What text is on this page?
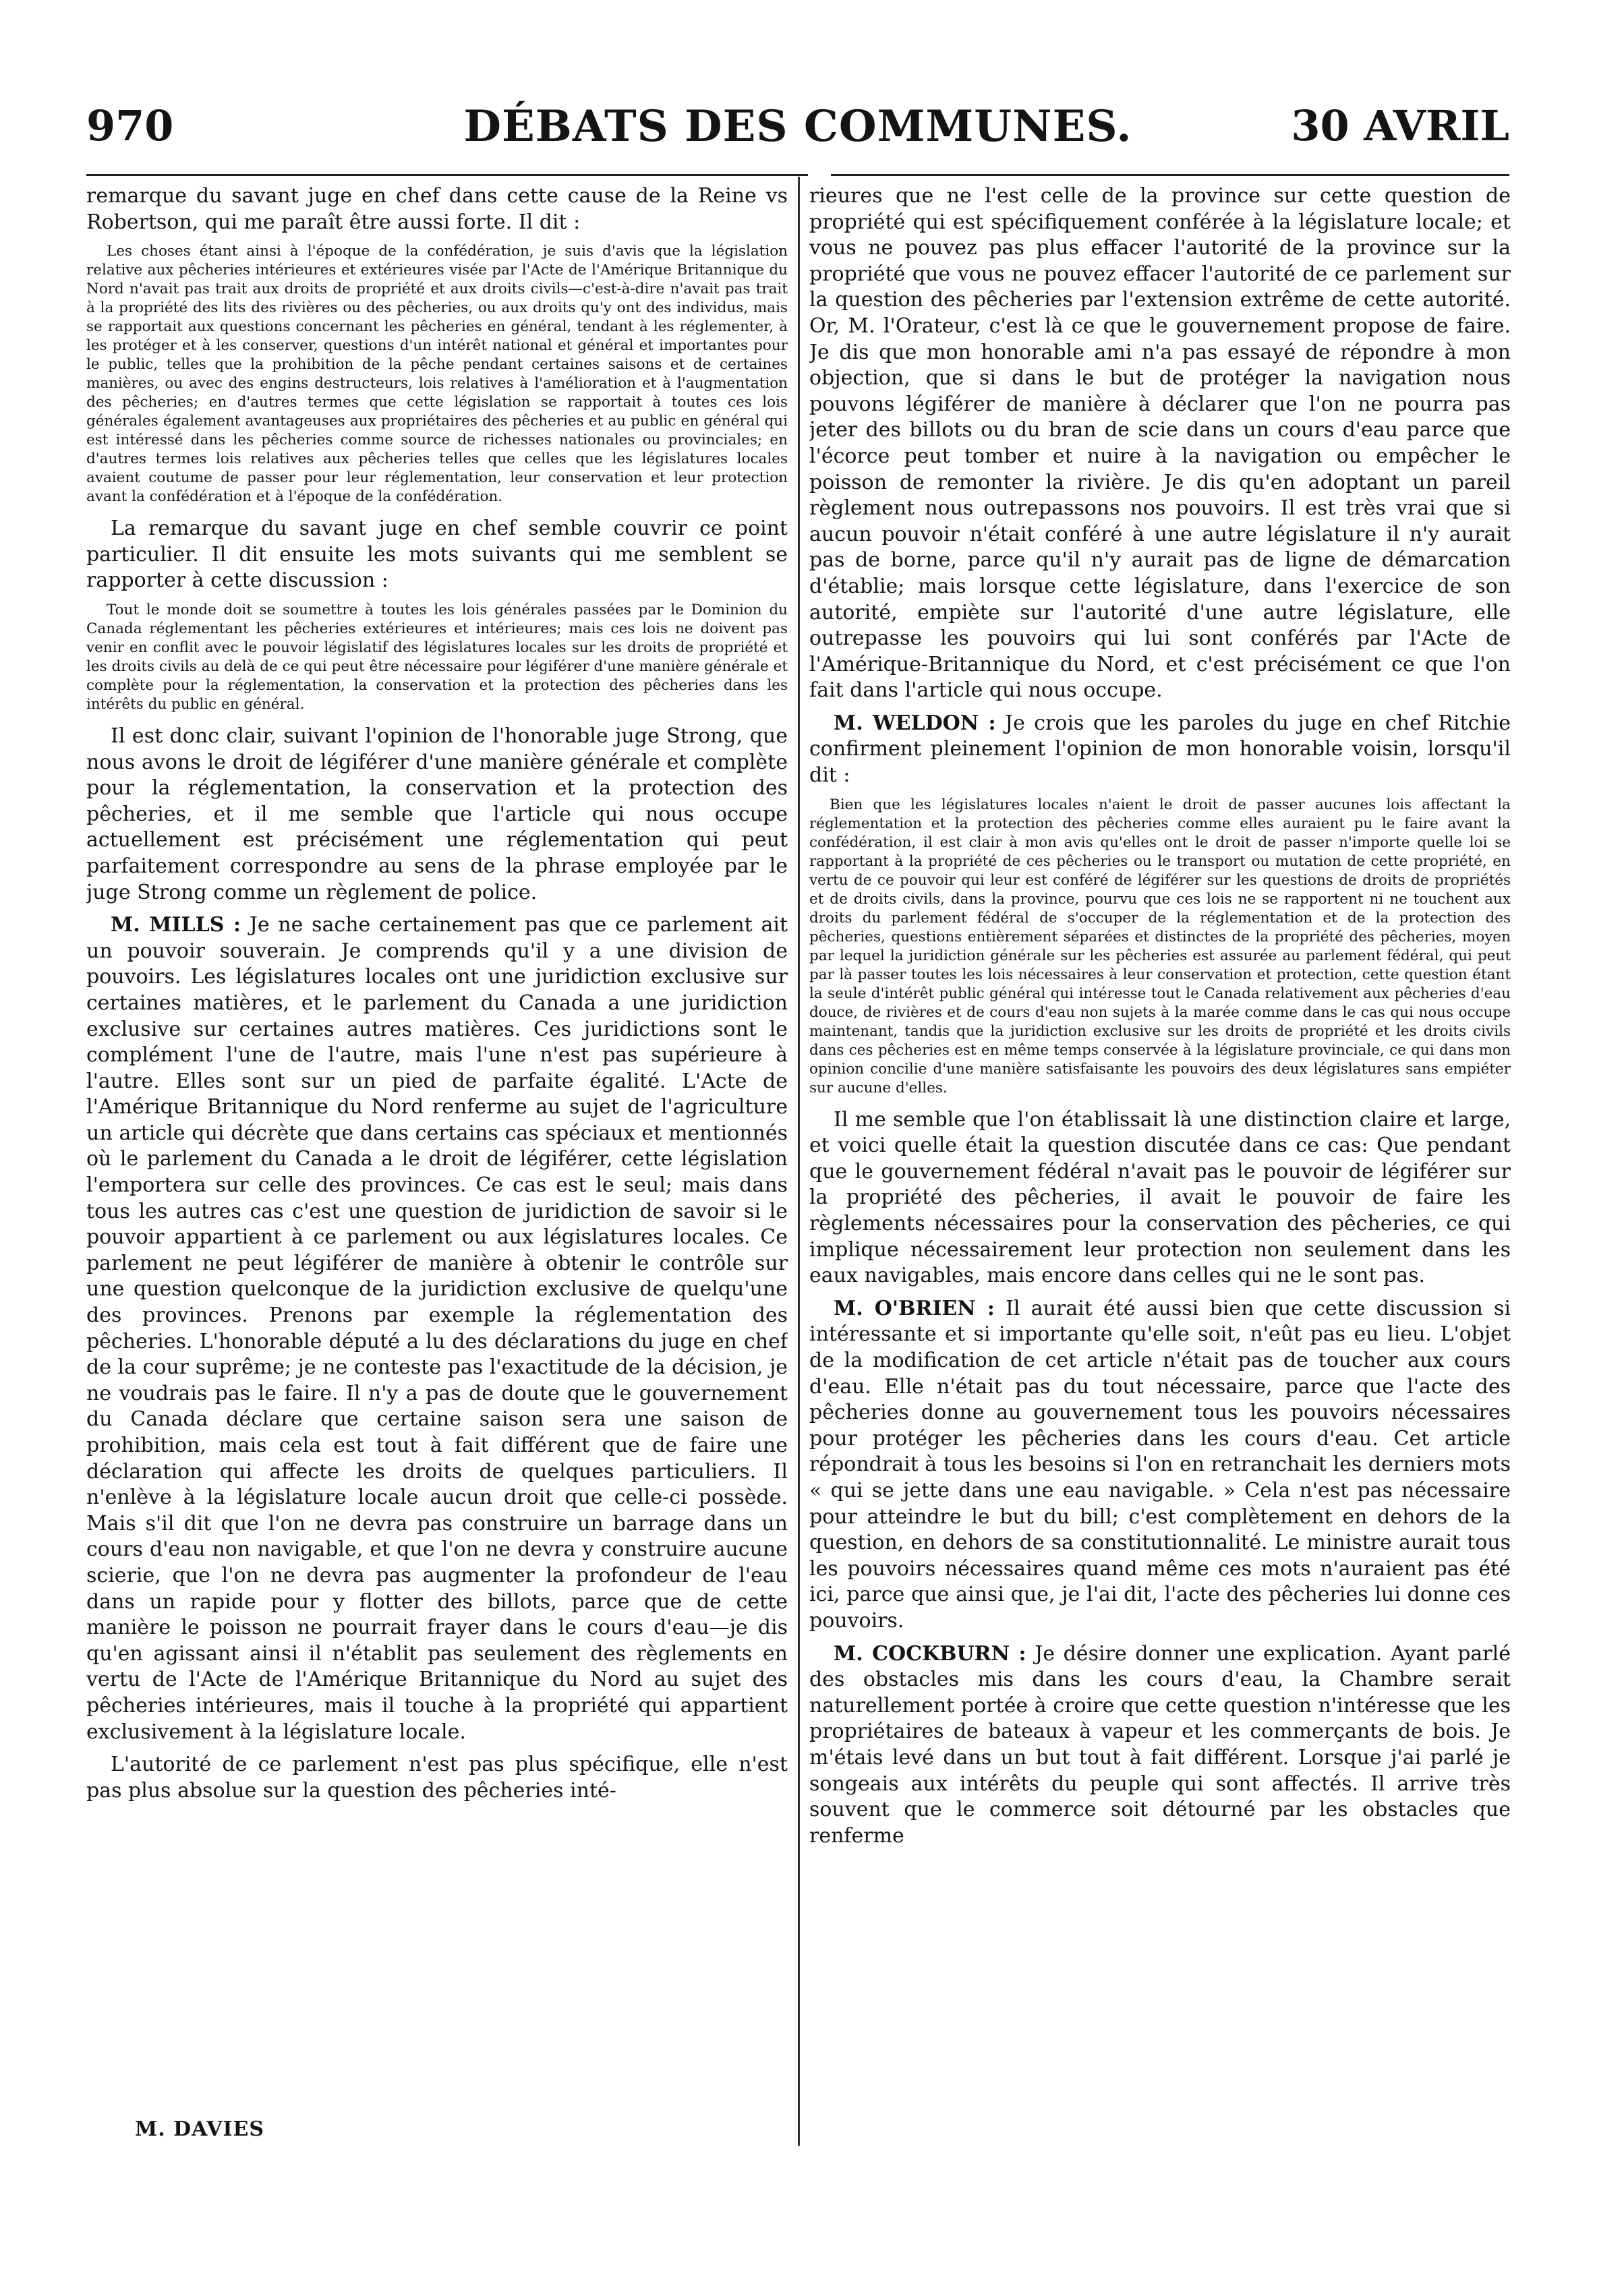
970	DÉBATS DES COMMUNES.	30 AVRIL

remarque du savant juge en chef dans cette cause de la Reine vs Robertson, qui me paraît être aussi forte. Il dit :

Les choses étant ainsi à l'époque de la confédération, je suis d'avis que la législation relative aux pêcheries intérieures et extérieures visée par l'Acte de l'Amérique Britannique du Nord n'avait pas trait aux droits de propriété et aux droits civils—c'est-à-dire n'avait pas trait à la propriété des lits des rivières ou des pêcheries, ou aux droits qu'y ont des individus, mais se rapportait aux questions concernant les pêcheries en général, tendant à les réglementer, à les protéger et à les conserver, questions d'un intérêt national et général et importantes pour le public, telles que la prohibition de la pêche pendant certaines saisons et de certaines manières, ou avec des engins destructeurs, lois relatives à l'amélioration et à l'augmentation des pêcheries; en d'autres termes que cette législation se rapportait à toutes ces lois générales également avantageuses aux propriétaires des pêcheries et au public en général qui est intéressé dans les pêcheries comme source de richesses nationales ou provinciales; en d'autres termes lois relatives aux pêcheries telles que celles que les législatures locales avaient coutume de passer pour leur réglementation, leur conservation et leur protection avant la confédération et à l'époque de la confédération.

La remarque du savant juge en chef semble couvrir ce point particulier. Il dit ensuite les mots suivants qui me semblent se rapporter à cette discussion :

Tout le monde doit se soumettre à toutes les lois générales passées par le Dominion du Canada réglementant les pêcheries extérieures et intérieures; mais ces lois ne doivent pas venir en conflit avec le pouvoir législatif des législatures locales sur les droits de propriété et les droits civils au delà de ce qui peut être nécessaire pour légiférer d'une manière générale et complète pour la réglementation, la conservation et la protection des pêcheries dans les intérêts du public en général.

Il est donc clair, suivant l'opinion de l'honorable juge Strong, que nous avons le droit de légiférer d'une manière générale et complète pour la réglementation, la conservation et la protection des pêcheries, et il me semble que l'article qui nous occupe actuellement est précisément une réglementation qui peut parfaitement correspondre au sens de la phrase employée par le juge Strong comme un règlement de police.

M. MILLS : Je ne sache certainement pas que ce parlement ait un pouvoir souverain. Je comprends qu'il y a une division de pouvoirs. Les législatures locales ont une juridiction exclusive sur certaines matières, et le parlement du Canada a une juridiction exclusive sur certaines autres matières. Ces juridictions sont le complément l'une de l'autre, mais l'une n'est pas supérieure à l'autre. Elles sont sur un pied de parfaite égalité. L'Acte de l'Amérique Britannique du Nord renferme au sujet de l'agriculture un article qui décrète que dans certains cas spéciaux et mentionnés où le parlement du Canada a le droit de légiférer, cette législation l'emportera sur celle des provinces. Ce cas est le seul; mais dans tous les autres cas c'est une question de juridiction de savoir si le pouvoir appartient à ce parlement ou aux législatures locales. Ce parlement ne peut légiférer de manière à obtenir le contrôle sur une question quelconque de la juridiction exclusive de quelqu'une des provinces. Prenons par exemple la réglementation des pêcheries. L'honorable député a lu des déclarations du juge en chef de la cour suprême; je ne conteste pas l'exactitude de la décision, je ne voudrais pas le faire. Il n'y a pas de doute que le gouvernement du Canada déclare que certaine saison sera une saison de prohibition, mais cela est tout à fait différent que de faire une déclaration qui affecte les droits de quelques particuliers. Il n'enlève à la législature locale aucun droit que celle-ci possède. Mais s'il dit que l'on ne devra pas construire un barrage dans un cours d'eau non navigable, et que l'on ne devra y construire aucune scierie, que l'on ne devra pas augmenter la profondeur de l'eau dans un rapide pour y flotter des billots, parce que de cette manière le poisson ne pourrait frayer dans le cours d'eau—je dis qu'en agissant ainsi il n'établit pas seulement des règlements en vertu de l'Acte de l'Amérique Britannique du Nord au sujet des pêcheries intérieures, mais il touche à la propriété qui appartient exclusivement à la législature locale.

L'autorité de ce parlement n'est pas plus spécifique, elle n'est pas plus absolue sur la question des pêcheries inté-

M. DAVIES

rieures que ne l'est celle de la province sur cette question de propriété qui est spécifiquement conférée à la législature locale; et vous ne pouvez pas plus effacer l'autorité de la province sur la propriété que vous ne pouvez effacer l'autorité de ce parlement sur la question des pêcheries par l'extension extrême de cette autorité. Or, M. l'Orateur, c'est là ce que le gouvernement propose de faire. Je dis que mon honorable ami n'a pas essayé de répondre à mon objection, que si dans le but de protéger la navigation nous pouvons légiférer de manière à déclarer que l'on ne pourra pas jeter des billots ou du bran de scie dans un cours d'eau parce que l'écorce peut tomber et nuire à la navigation ou empêcher le poisson de remonter la rivière. Je dis qu'en adoptant un pareil règlement nous outrepassons nos pouvoirs. Il est très vrai que si aucun pouvoir n'était conféré à une autre législature il n'y aurait pas de borne, parce qu'il n'y aurait pas de ligne de démarcation d'établie; mais lorsque cette législature, dans l'exercice de son autorité, empiète sur l'autorité d'une autre législature, elle outrepasse les pouvoirs qui lui sont conférés par l'Acte de l'Amérique-Britannique du Nord, et c'est précisément ce que l'on fait dans l'article qui nous occupe.

M. WELDON : Je crois que les paroles du juge en chef Ritchie confirment pleinement l'opinion de mon honorable voisin, lorsqu'il dit :

Bien que les législatures locales n'aient le droit de passer aucunes lois affectant la réglementation et la protection des pêcheries comme elles auraient pu le faire avant la confédération, il est clair à mon avis qu'elles ont le droit de passer n'importe quelle loi se rapportant à la propriété de ces pêcheries ou le transport ou mutation de cette propriété, en vertu de ce pouvoir qui leur est conféré de légiférer sur les questions de droits de propriétés et de droits civils, dans la province, pourvu que ces lois ne se rapportent ni ne touchent aux droits du parlement fédéral de s'occuper de la réglementation et de la protection des pêcheries, questions entièrement séparées et distinctes de la propriété des pêcheries, moyen par lequel la juridiction générale sur les pêcheries est assurée au parlement fédéral, qui peut par là passer toutes les lois nécessaires à leur conservation et protection, cette question étant la seule d'intérêt public général qui intéresse tout le Canada relativement aux pêcheries d'eau douce, de rivières et de cours d'eau non sujets à la marée comme dans le cas qui nous occupe maintenant, tandis que la juridiction exclusive sur les droits de propriété et les droits civils dans ces pêcheries est en même temps conservée à la législature provinciale, ce qui dans mon opinion concilie d'une manière satisfaisante les pouvoirs des deux législatures sans empiéter sur aucune d'elles.

Il me semble que l'on établissait là une distinction claire et large, et voici quelle était la question discutée dans ce cas: Que pendant que le gouvernement fédéral n'avait pas le pouvoir de légiférer sur la propriété des pêcheries, il avait le pouvoir de faire les règlements nécessaires pour la conservation des pêcheries, ce qui implique nécessairement leur protection non seulement dans les eaux navigables, mais encore dans celles qui ne le sont pas.

M. O'BRIEN : Il aurait été aussi bien que cette discussion si intéressante et si importante qu'elle soit, n'eût pas eu lieu. L'objet de la modification de cet article n'était pas de toucher aux cours d'eau. Elle n'était pas du tout nécessaire, parce que l'acte des pêcheries donne au gouvernement tous les pouvoirs nécessaires pour protéger les pêcheries dans les cours d'eau. Cet article répondrait à tous les besoins si l'on en retranchait les derniers mots « qui se jette dans une eau navigable. » Cela n'est pas nécessaire pour atteindre le but du bill; c'est complètement en dehors de la question, en dehors de sa constitutionnalité. Le ministre aurait tous les pouvoirs nécessaires quand même ces mots n'auraient pas été ici, parce que ainsi que, je l'ai dit, l'acte des pêcheries lui donne ces pouvoirs.

M. COCKBURN : Je désire donner une explication. Ayant parlé des obstacles mis dans les cours d'eau, la Chambre serait naturellement portée à croire que cette question n'intéresse que les propriétaires de bateaux à vapeur et les commerçants de bois. Je m'étais levé dans un but tout à fait différent. Lorsque j'ai parlé je songeais aux intérêts du peuple qui sont affectés. Il arrive très souvent que le commerce soit détourné par les obstacles que renferme
